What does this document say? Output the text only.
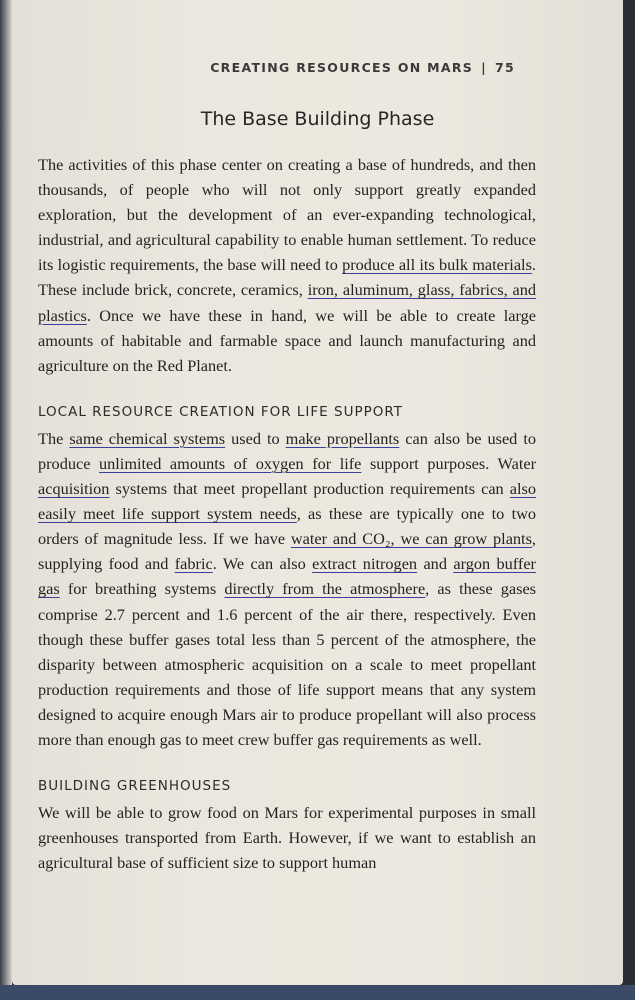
CREATING RESOURCES ON MARS | 75
The Base Building Phase

The activities of this phase center on creating a base of hundreds, and then thousands, of people who will not only support greatly expanded exploration, but the development of an ever-expanding technological, industrial, and agricultural capability to enable human settlement. To reduce its logistic requirements, the base will need to produce all its bulk materials. These include brick, concrete, ceramics, iron, aluminum, glass, fabrics, and plastics. Once we have these in hand, we will be able to create large amounts of habitable and farmable space and launch manufacturing and agriculture on the Red Planet.

LOCAL RESOURCE CREATION FOR LIFE SUPPORT

The same chemical systems used to make propellants can also be used to produce unlimited amounts of oxygen for life support purposes. Water acquisition systems that meet propellant production requirements can also easily meet life support system needs, as these are typically one to two orders of magnitude less. If we have water and CO₂, we can grow plants, supplying food and fabric. We can also extract nitrogen and argon buffer gas for breathing systems directly from the atmosphere, as these gases comprise 2.7 percent and 1.6 percent of the air there, respectively. Even though these buffer gases total less than 5 percent of the atmosphere, the disparity between atmospheric acquisition on a scale to meet propellant production requirements and those of life support means that any system designed to acquire enough Mars air to produce propellant will also process more than enough gas to meet crew buffer gas requirements as well.

BUILDING GREENHOUSES

We will be able to grow food on Mars for experimental purposes in small greenhouses transported from Earth. However, if we want to establish an agricultural base of sufficient size to support human
